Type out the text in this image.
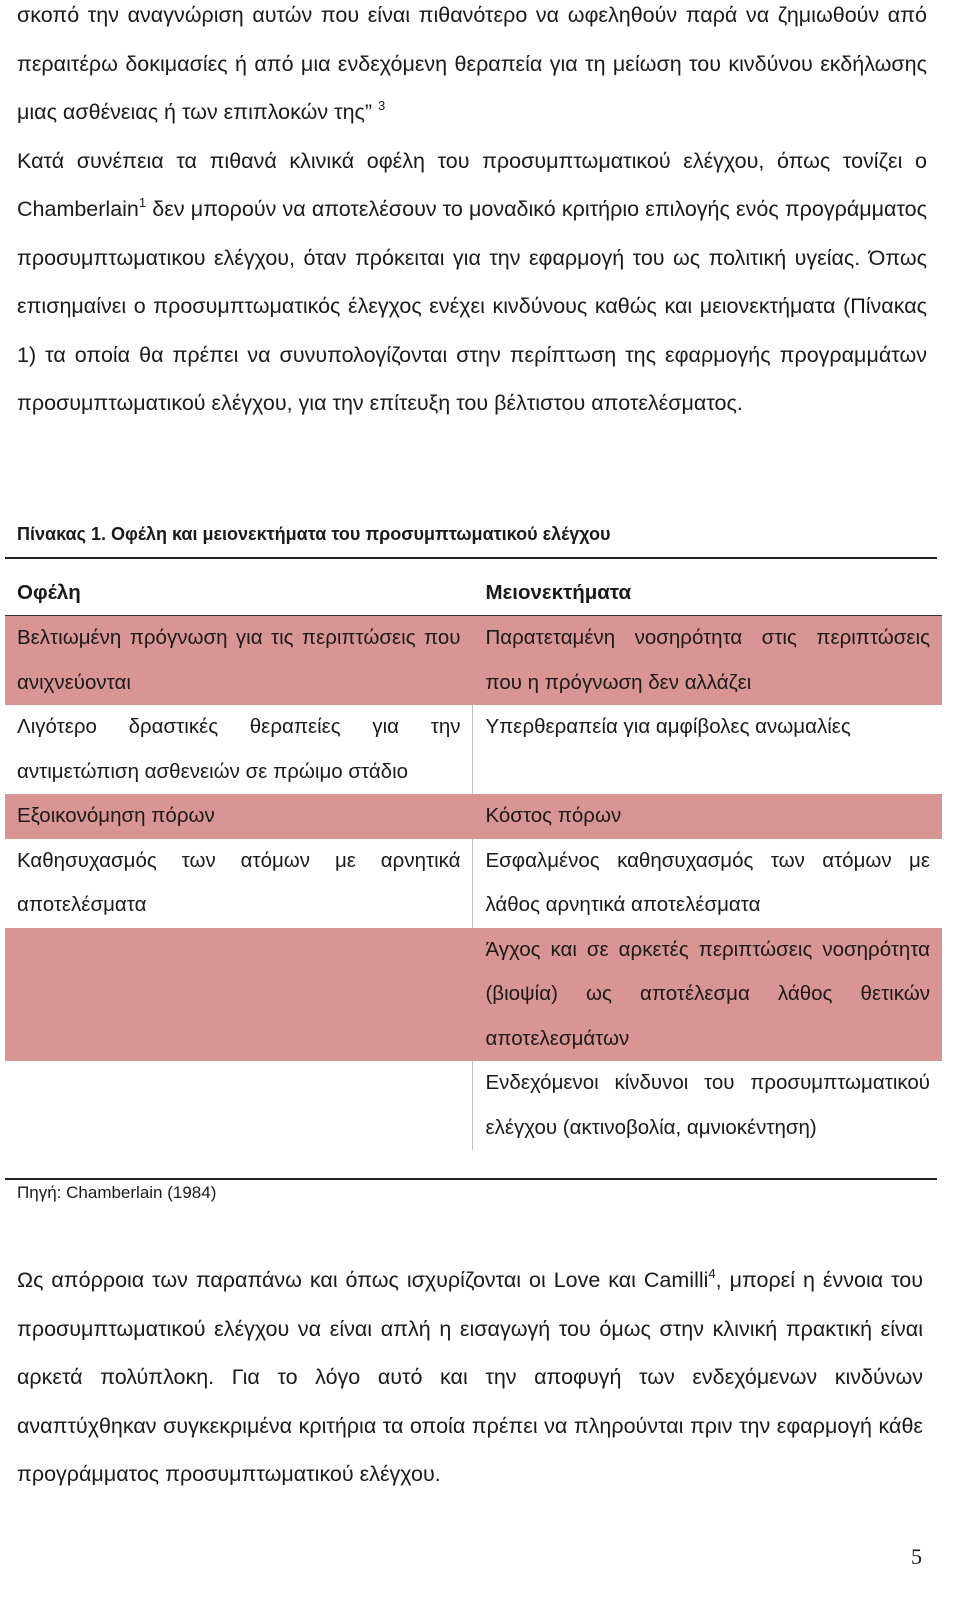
σκοπό την αναγνώριση αυτών που είναι πιθανότερο να ωφεληθούν παρά να ζημιωθούν από περαιτέρω δοκιμασίες ή από μια ενδεχόμενη θεραπεία για τη μείωση του κινδύνου εκδήλωσης μιας ασθένειας ή των επιπλοκών της” $^3$
Κατά συνέπεια τα πιθανά κλινικά οφέλη του προσυμπτωματικού ελέγχου, όπως τονίζει ο Chamberlain$^1$ δεν μπορούν να αποτελέσουν το μοναδικό κριτήριο επιλογής ενός προγράμματος προσυμπτωματικου ελέγχου, όταν πρόκειται για την εφαρμογή του ως πολιτική υγείας. Όπως επισημαίνει ο προσυμπτωματικός έλεγχος ενέχει κινδύνους καθώς και μειονεκτήματα (Πίνακας 1) τα οποία θα πρέπει να συνυπολογίζονται στην περίπτωση της εφαρμογής προγραμμάτων προσυμπτωματικού ελέγχου, για την επίτευξη του βέλτιστου αποτελέσματος.

Πίνακας 1. Οφέλη και μειονεκτήματα του προσυμπτωματικού ελέγχου
Οφέλη	Μειονεκτήματα
Βελτιωμένη πρόγνωση για τις περιπτώσεις που ανιχνεύονται	Παρατεταμένη νοσηρότητα στις περιπτώσεις που η πρόγνωση δεν αλλάζει
Λιγότερο δραστικές θεραπείες για την αντιμετώπιση ασθενειών σε πρώιμο στάδιο	Υπερθεραπεία για αμφίβολες ανωμαλίες
Εξοικονόμηση πόρων	Κόστος πόρων
Καθησυχασμός των ατόμων με αρνητικά αποτελέσματα	Εσφαλμένος καθησυχασμός των ατόμων με λάθος αρνητικά αποτελέσματα
	Άγχος και σε αρκετές περιπτώσεις νοσηρότητα (βιοψία) ως αποτέλεσμα λάθος θετικών αποτελεσμάτων
	Ενδεχόμενοι κίνδυνοι του προσυμπτωματικού ελέγχου (ακτινοβολία, αμνιοκέντηση)
Πηγή: Chamberlain (1984)

Ως απόρροια των παραπάνω και όπως ισχυρίζονται οι Love και Camilli$^4$, μπορεί η έννοια του προσυμπτωματικού ελέγχου να είναι απλή η εισαγωγή του όμως στην κλινική πρακτική είναι αρκετά πολύπλοκη. Για το λόγο αυτό και την αποφυγή των ενδεχόμενων κινδύνων αναπτύχθηκαν συγκεκριμένα κριτήρια τα οποία πρέπει να πληρούνται πριν την εφαρμογή κάθε προγράμματος προσυμπτωματικού ελέγχου.

5
